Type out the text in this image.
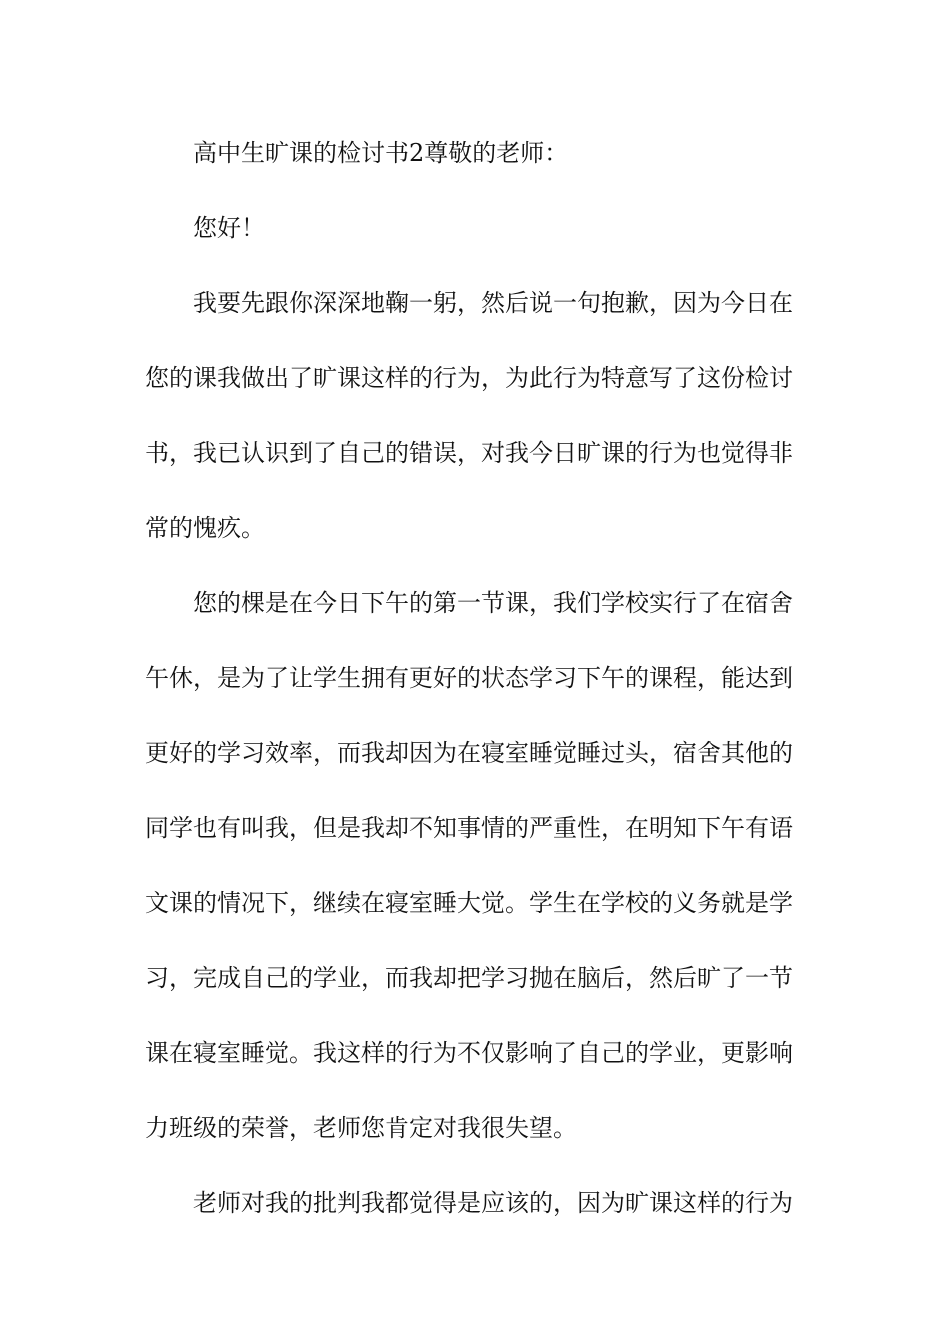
高中生旷课的检讨书2尊敬的老师：
您好！
我要先跟你深深地鞠一躬，然后说一句抱歉，因为今日在
您的课我做出了旷课这样的行为，为此行为特意写了这份检讨
书，我已认识到了自己的错误，对我今日旷课的行为也觉得非
常的愧疚。
您的棵是在今日下午的第一节课，我们学校实行了在宿舍
午休，是为了让学生拥有更好的状态学习下午的课程，能达到
更好的学习效率，而我却因为在寝室睡觉睡过头，宿舍其他的
同学也有叫我，但是我却不知事情的严重性，在明知下午有语
文课的情况下，继续在寝室睡大觉。学生在学校的义务就是学
习，完成自己的学业，而我却把学习抛在脑后，然后旷了一节
课在寝室睡觉。我这样的行为不仅影响了自己的学业，更影响
力班级的荣誉，老师您肯定对我很失望。
老师对我的批判我都觉得是应该的，因为旷课这样的行为
